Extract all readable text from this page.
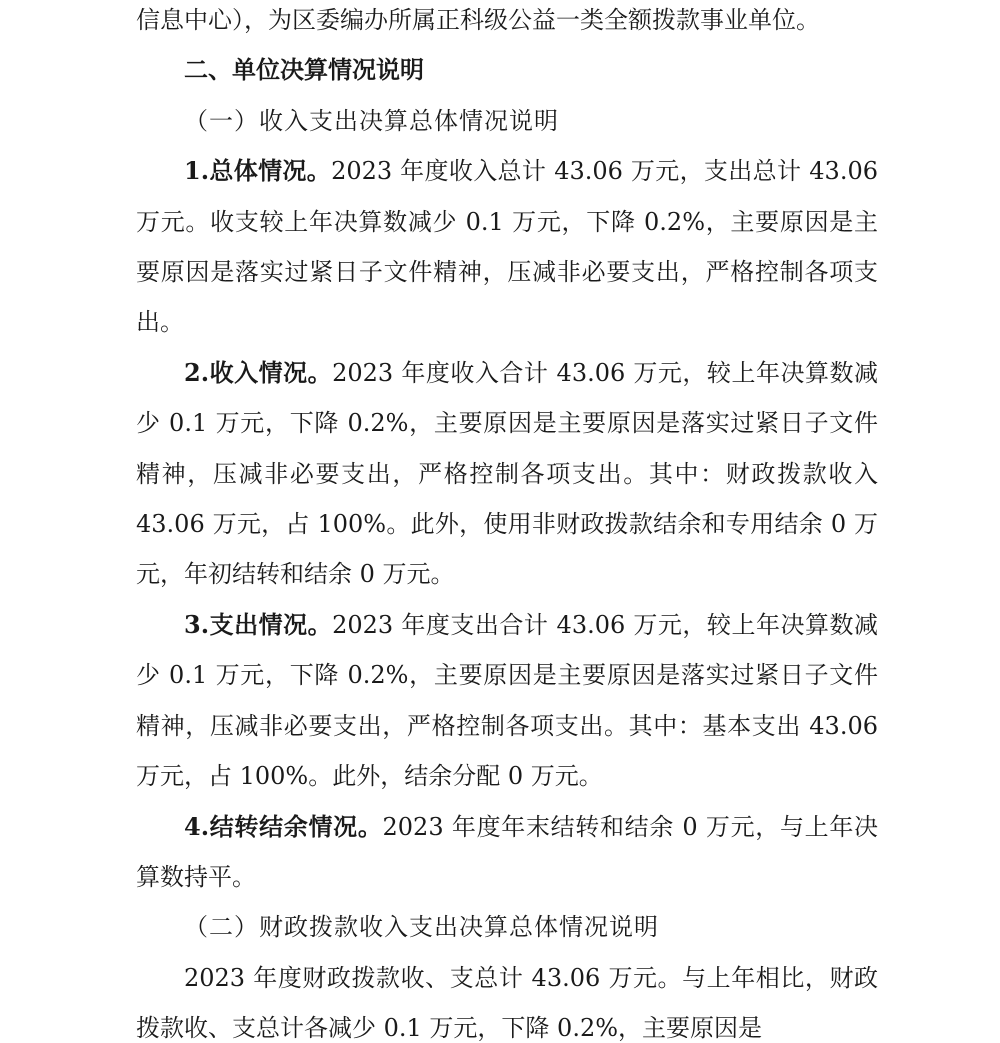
信息中心），为区委编办所属正科级公益一类全额拨款事业单位。

二、单位决算情况说明

（一）收入支出决算总体情况说明

1.总体情况。2023 年度收入总计 43.06 万元，支出总计 43.06 万元。收支较上年决算数减少 0.1 万元，下降 0.2%，主要原因是主要原因是落实过紧日子文件精神，压减非必要支出，严格控制各项支出。

2.收入情况。2023 年度收入合计 43.06 万元，较上年决算数减少 0.1 万元，下降 0.2%，主要原因是主要原因是落实过紧日子文件精神，压减非必要支出，严格控制各项支出。其中：财政拨款收入 43.06 万元，占 100%。此外，使用非财政拨款结余和专用结余 0 万元，年初结转和结余 0 万元。

3.支出情况。2023 年度支出合计 43.06 万元，较上年决算数减少 0.1 万元，下降 0.2%，主要原因是主要原因是落实过紧日子文件精神，压减非必要支出，严格控制各项支出。其中：基本支出 43.06 万元，占 100%。此外，结余分配 0 万元。

4.结转结余情况。2023 年度年末结转和结余 0 万元，与上年决算数持平。

（二）财政拨款收入支出决算总体情况说明

2023 年度财政拨款收、支总计 43.06 万元。与上年相比，财政拨款收、支总计各减少 0.1 万元，下降 0.2%，主要原因是
